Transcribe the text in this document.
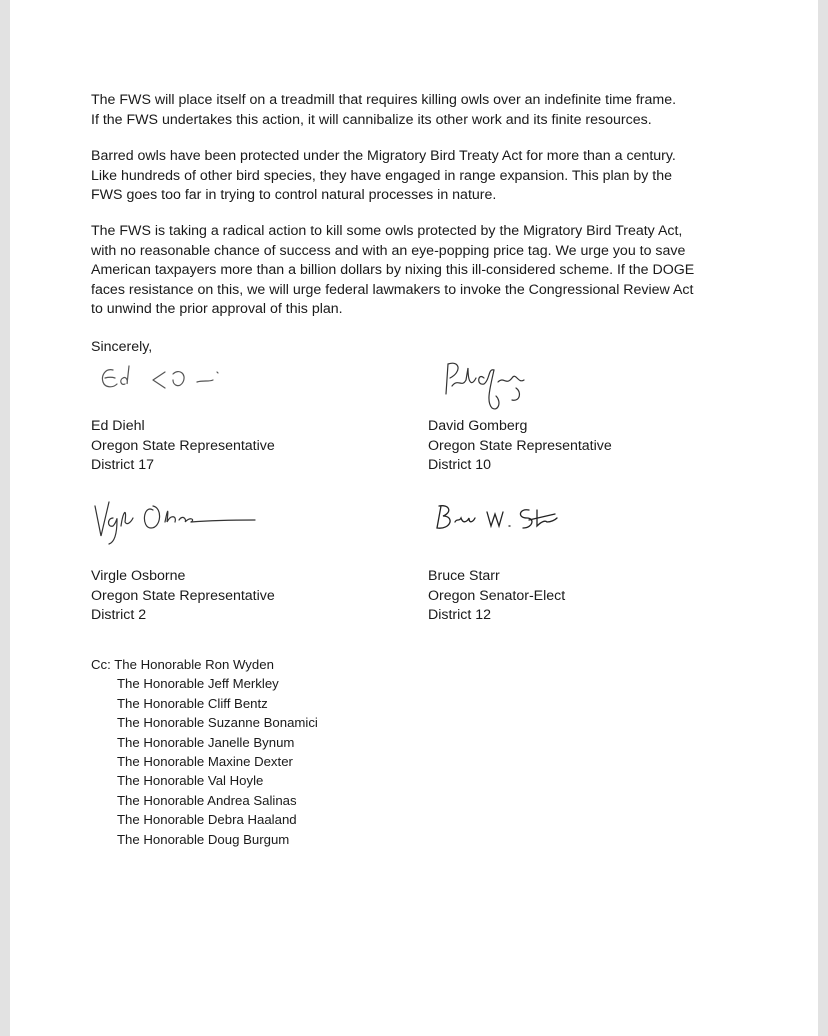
The FWS will place itself on a treadmill that requires killing owls over an indefinite time frame.
If the FWS undertakes this action, it will cannibalize its other work and its finite resources.
Barred owls have been protected under the Migratory Bird Treaty Act for more than a century.
Like hundreds of other bird species, they have engaged in range expansion. This plan by the
FWS goes too far in trying to control natural processes in nature.
The FWS is taking a radical action to kill some owls protected by the Migratory Bird Treaty Act,
with no reasonable chance of success and with an eye-popping price tag. We urge you to save
American taxpayers more than a billion dollars by nixing this ill-considered scheme. If the DOGE
faces resistance on this, we will urge federal lawmakers to invoke the Congressional Review Act
to unwind the prior approval of this plan.
Sincerely,
Ed Diehl
Oregon State Representative
District 17
David Gomberg
Oregon State Representative
District 10
Virgle Osborne
Oregon State Representative
District 2
Bruce Starr
Oregon Senator-Elect
District 12
Cc: The Honorable Ron Wyden
The Honorable Jeff Merkley
The Honorable Cliff Bentz
The Honorable Suzanne Bonamici
The Honorable Janelle Bynum
The Honorable Maxine Dexter
The Honorable Val Hoyle
The Honorable Andrea Salinas
The Honorable Debra Haaland
The Honorable Doug Burgum
